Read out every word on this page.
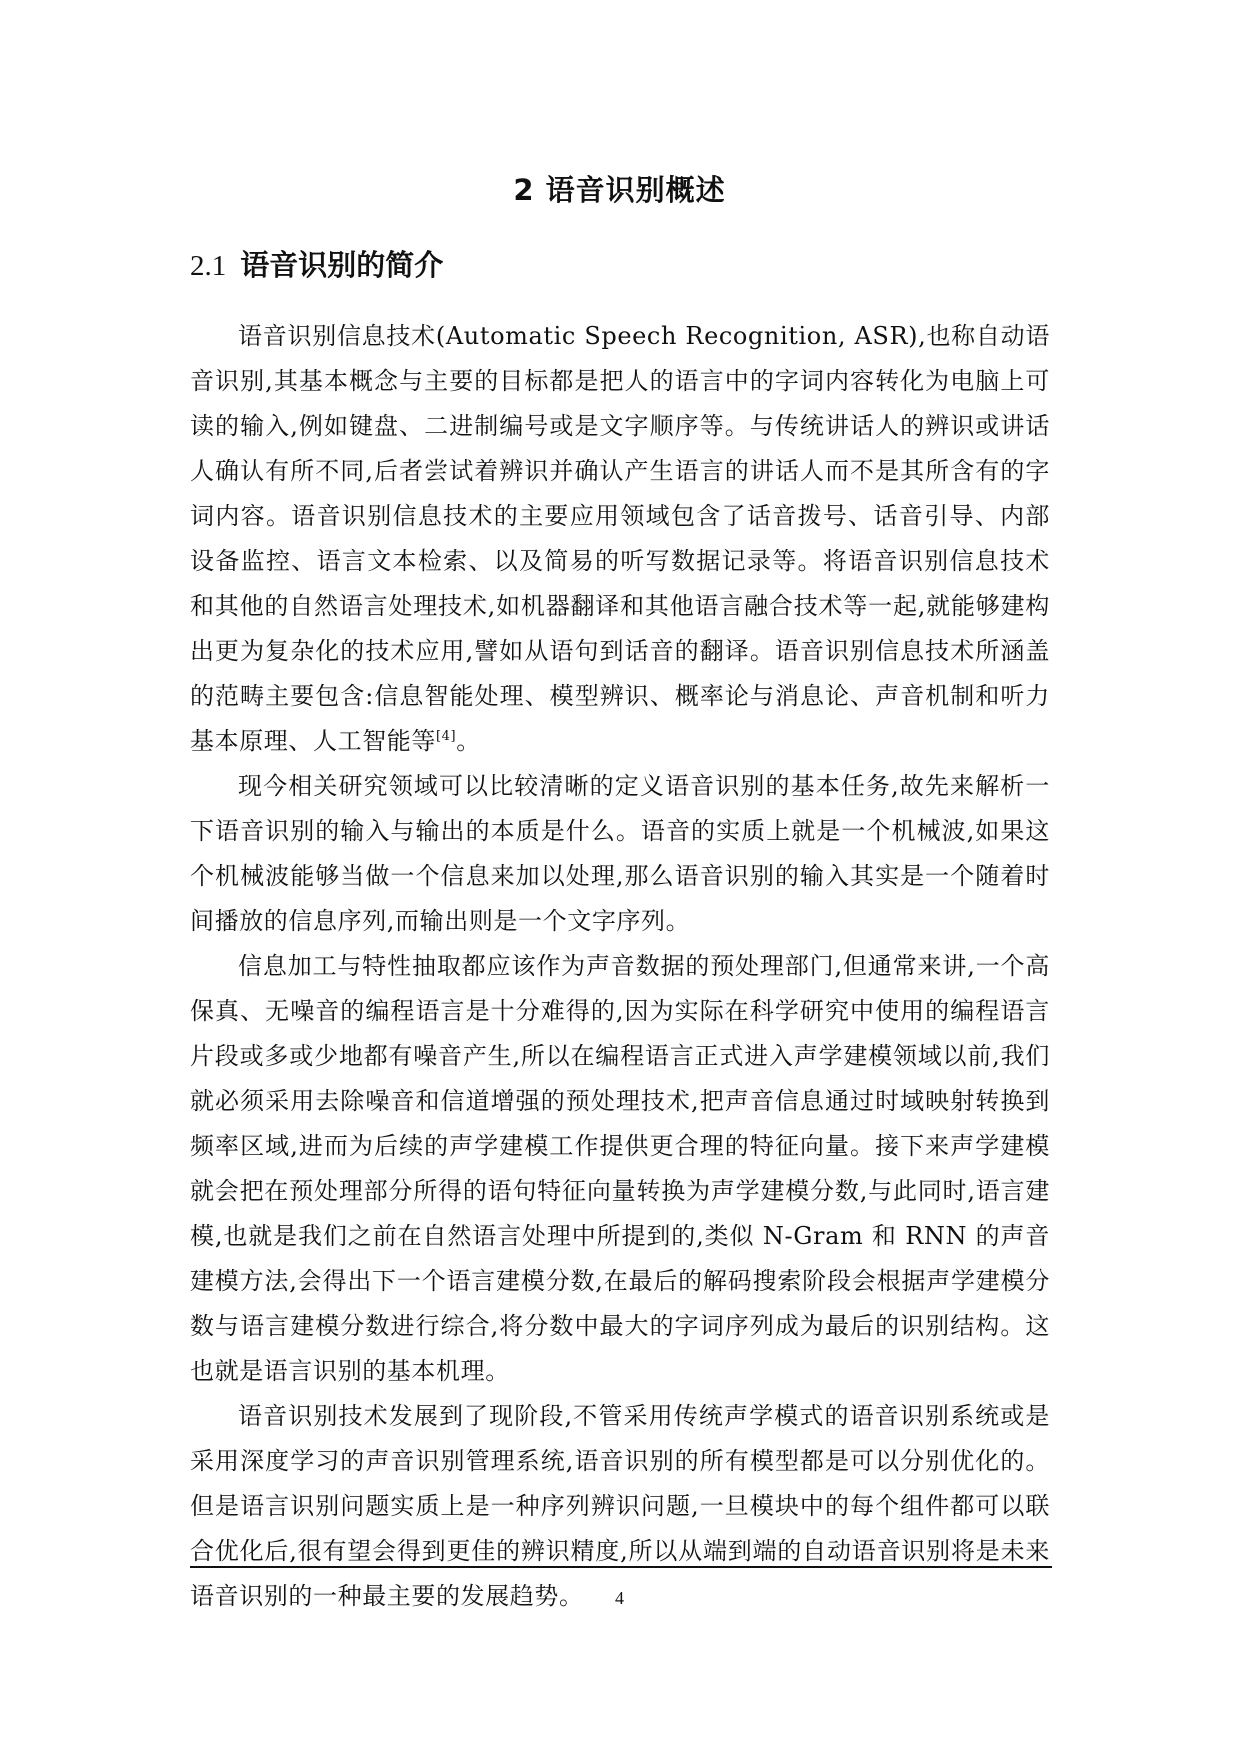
2 语音识别概述
2.1 语音识别的简介

语音识别信息技术(Automatic Speech Recognition, ASR),也称自动语音识别,其基本概念与主要的目标都是把人的语言中的字词内容转化为电脑上可读的输入,例如键盘、二进制编号或是文字顺序等。与传统讲话人的辨识或讲话人确认有所不同,后者尝试着辨识并确认产生语言的讲话人而不是其所含有的字词内容。语音识别信息技术的主要应用领域包含了话音拨号、话音引导、内部设备监控、语言文本检索、以及简易的听写数据记录等。将语音识别信息技术和其他的自然语言处理技术,如机器翻译和其他语言融合技术等一起,就能够建构出更为复杂化的技术应用,譬如从语句到话音的翻译。语音识别信息技术所涵盖的范畴主要包含:信息智能处理、模型辨识、概率论与消息论、声音机制和听力基本原理、人工智能等[4]。

现今相关研究领域可以比较清晰的定义语音识别的基本任务,故先来解析一下语音识别的输入与输出的本质是什么。语音的实质上就是一个机械波,如果这个机械波能够当做一个信息来加以处理,那么语音识别的输入其实是一个随着时间播放的信息序列,而输出则是一个文字序列。

信息加工与特性抽取都应该作为声音数据的预处理部门,但通常来讲,一个高保真、无噪音的编程语言是十分难得的,因为实际在科学研究中使用的编程语言片段或多或少地都有噪音产生,所以在编程语言正式进入声学建模领域以前,我们就必须采用去除噪音和信道增强的预处理技术,把声音信息通过时域映射转换到频率区域,进而为后续的声学建模工作提供更合理的特征向量。接下来声学建模就会把在预处理部分所得的语句特征向量转换为声学建模分数,与此同时,语言建模,也就是我们之前在自然语言处理中所提到的,类似 N-Gram 和 RNN 的声音建模方法,会得出下一个语言建模分数,在最后的解码搜索阶段会根据声学建模分数与语言建模分数进行综合,将分数中最大的字词序列成为最后的识别结构。这也就是语言识别的基本机理。

语音识别技术发展到了现阶段,不管采用传统声学模式的语音识别系统或是采用深度学习的声音识别管理系统,语音识别的所有模型都是可以分别优化的。但是语言识别问题实质上是一种序列辨识问题,一旦模块中的每个组件都可以联合优化后,很有望会得到更佳的辨识精度,所以从端到端的自动语音识别将是未来语音识别的一种最主要的发展趋势。	4
